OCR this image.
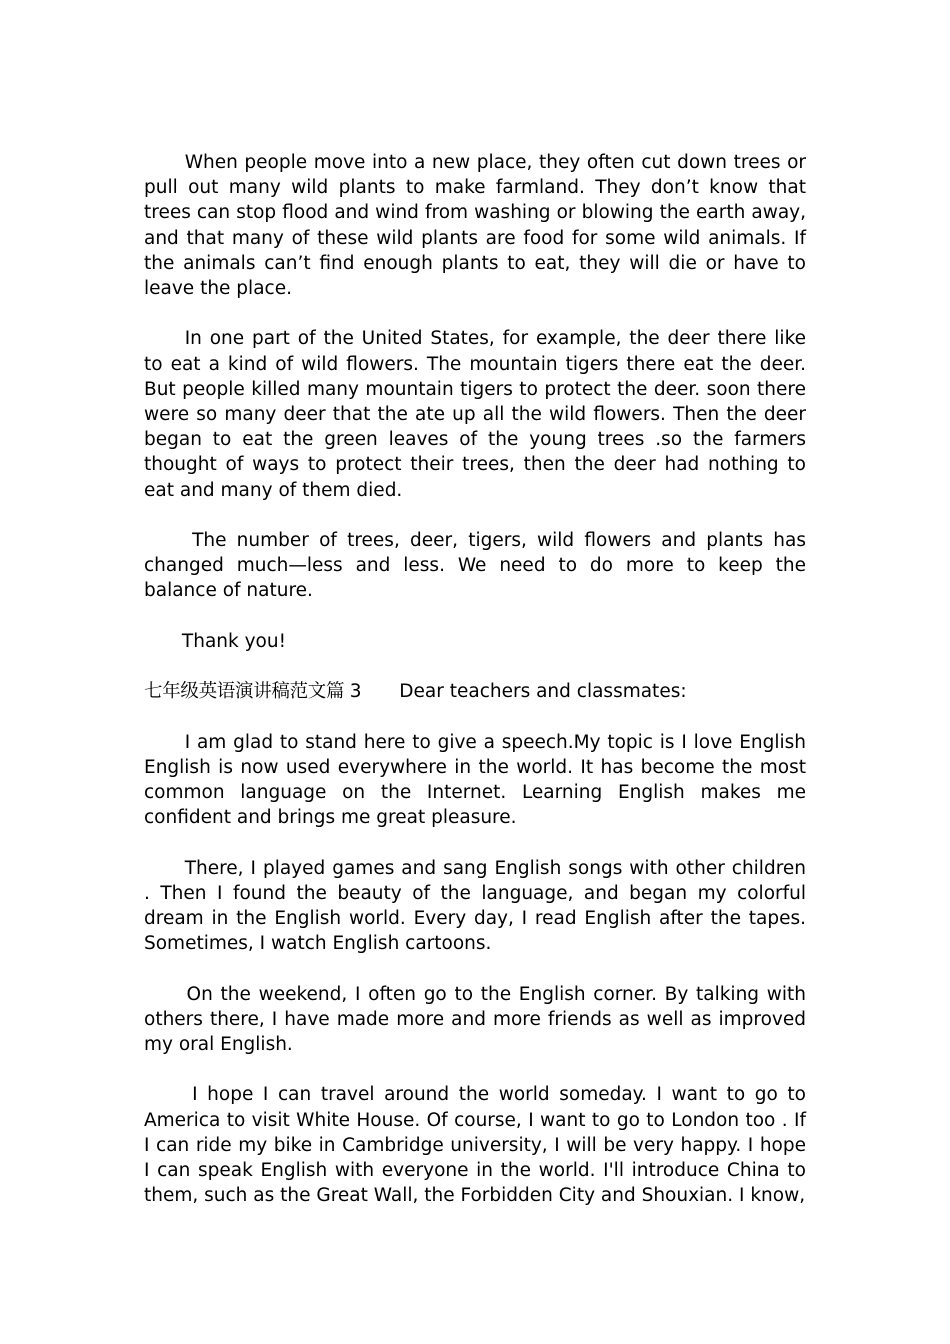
When people move into a new place, they often cut down trees or pull out many wild plants to make farmland. They don’t know that trees can stop flood and wind from washing or blowing the earth away, and that many of these wild plants are food for some wild animals. If the animals can’t find enough plants to eat, they will die or have to leave the place.

In one part of the United States, for example, the deer there like to eat a kind of wild flowers. The mountain tigers there eat the deer. But people killed many mountain tigers to protect the deer. soon there were so many deer that the ate up all the wild flowers. Then the deer began to eat the green leaves of the young trees .so the farmers thought of ways to protect their trees, then the deer had nothing to eat and many of them died.

The number of trees, deer, tigers, wild flowers and plants has changed much—less and less. We need to do more to keep the balance of nature.

Thank you!

七年级英语演讲稿范文篇 3 Dear teachers and classmates:

I am glad to stand here to give a speech.My topic is I love English English is now used everywhere in the world. It has become the most common language on the Internet. Learning English makes me confident and brings me great pleasure.

There, I played games and sang English songs with other children . Then I found the beauty of the language, and began my colorful dream in the English world. Every day, I read English after the tapes. Sometimes, I watch English cartoons.

On the weekend, I often go to the English corner. By talking with others there, I have made more and more friends as well as improved my oral English.

I hope I can travel around the world someday. I want to go to America to visit White House. Of course, I want to go to London too . If I can ride my bike in Cambridge university, I will be very happy. I hope I can speak English with everyone in the world. I'll introduce China to them, such as the Great Wall, the Forbidden City and Shouxian. I know,
